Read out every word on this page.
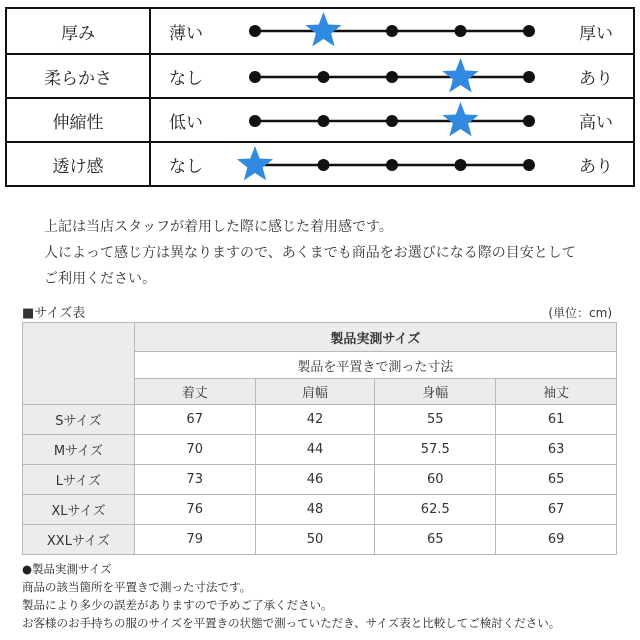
厚み	薄い	厚い
柔らかさ	なし	あり
伸縮性	低い	高い
透け感	なし	あり

上記は当店スタッフが着用した際に感じた着用感です。

人によって感じ方は異なりますので、あくまでも商品をお選びになる際の目安として

ご利用ください。

■サイズ表	(単位：cm)
	製品実測サイズ			
	製品を平置きで測った寸法			
	着丈	肩幅	身幅	袖丈
Sサイズ	67	42	55	61
Mサイズ	70	44	57.5	63
Lサイズ	73	46	60	65
XLサイズ	76	48	62.5	67
XXLサイズ	79	50	65	69

●製品実測サイズ

商品の該当箇所を平置きで測った寸法です。

製品により多少の誤差がありますので予めご了承ください。

お客様のお手持ちの服のサイズを平置きの状態で測っていただき、サイズ表と比較してご検討ください。
